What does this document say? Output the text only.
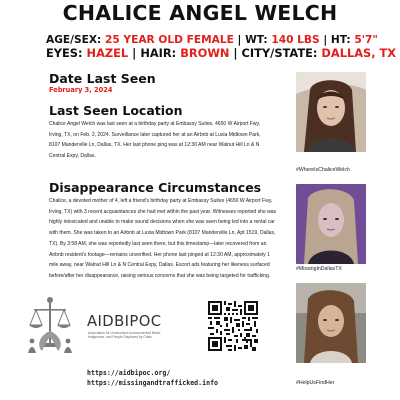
CHALICE ANGEL WELCH
AGE/SEX: 25 YEAR OLD FEMALE | WT: 140 LBS | HT: 5'7"
EYES: HAZEL | HAIR: BROWN | CITY/STATE: DALLAS, TX
Date Last Seen
February 3, 2024
Last Seen Location
Chalice Angel Welch was last seen at a birthday party at Embassy Suites, 4650 W Airport Fwy,
Irving, TX, on Feb. 2, 2024. Surveillance later captured her at an Airbnb at Luxia Midtown Park,
8107 Manderville Ln, Dallas, TX. Her last phone ping was at 12:30 AM near Walnut Hill Ln & N
Central Expy, Dallas.
Disappearance Circumstances
Chalice, a devoted mother of 4, left a friend's birthday party at Embassy Suites (4650 W Airport Fwy,
Irving, TX) with 3 recent acquaintances she had met within the past year. Witnesses reported she was
highly intoxicated and unable to make sound decisions when she was seen being led into a rental car
with them. She was taken to an Airbnb at Luxia Midtown Park (8107 Manderville Ln, Apt 1519, Dallas,
TX). By 3:58 AM, she was reportedly last seen there, but this timestamp—later recovered from an
Airbnb resident's footage—remains unverified. Her phone last pinged at 12:30 AM, approximately 1
mile away, near Walnut Hill Ln & N Central Expy, Dallas. Escort ads featuring her likeness surfaced
before/after her disappearance, raising serious concerns that she was being targeted for trafficking.
#WhereIsChaliceWelch
#MissingInDallasTX
#HelpUsFindHer
AIDBIPOC
Association for Unrecorded Undocumented Black, Indigenous, and People Displaced by Crisis
https://aidbipoc.org/
https://missingandtrafficked.info
